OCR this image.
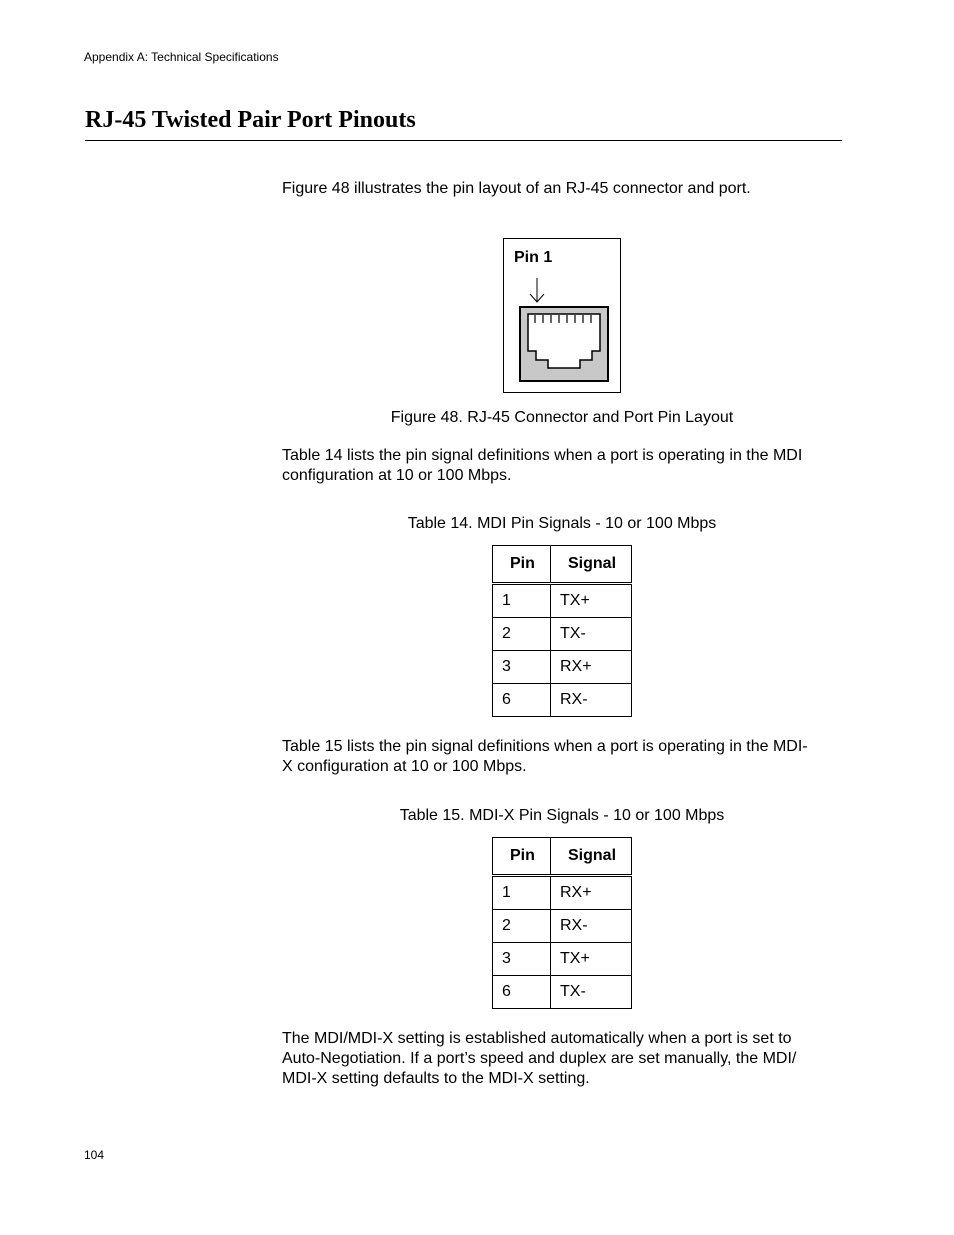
Appendix A: Technical Specifications
RJ-45 Twisted Pair Port Pinouts

Figure 48 illustrates the pin layout of an RJ-45 connector and port.

Pin 1
Figure 48. RJ-45 Connector and Port Pin Layout

Table 14 lists the pin signal definitions when a port is operating in the MDI

configuration at 10 or 100 Mbps.

Table 14. MDI Pin Signals - 10 or 100 Mbps
Pin	Signal
1	TX+
2	TX-
3	RX+
6	RX-

Table 15 lists the pin signal definitions when a port is operating in the MDI-

X configuration at 10 or 100 Mbps.

Table 15. MDI-X Pin Signals - 10 or 100 Mbps
Pin	Signal
1	RX+
2	RX-
3	TX+
6	TX-

The MDI/MDI-X setting is established automatically when a port is set to

Auto-Negotiation. If a port’s speed and duplex are set manually, the MDI/

MDI-X setting defaults to the MDI-X setting.

104
